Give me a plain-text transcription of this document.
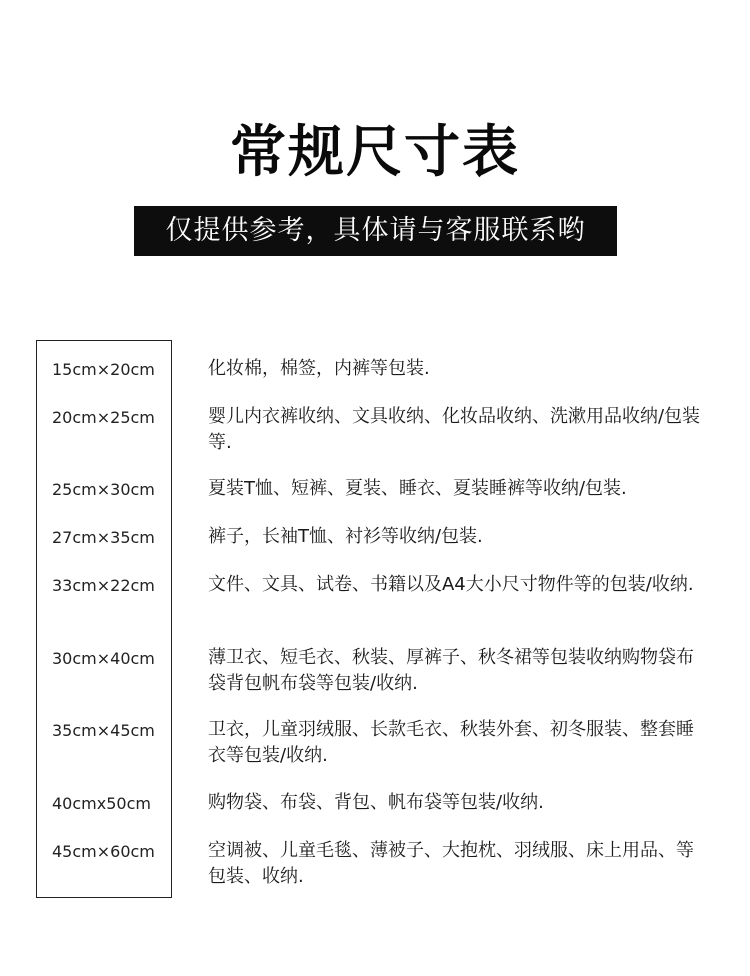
常规尺寸表
仅提供参考，具体请与客服联系哟
15cm×20cm	化妆棉，棉签，内裤等包装.
20cm×25cm	婴儿内衣裤收纳、文具收纳、化妆品收纳、洗漱用品收纳/包装等.
25cm×30cm	夏装T恤、短裤、夏装、睡衣、夏装睡裤等收纳/包装.
27cm×35cm	裤子，长袖T恤、衬衫等收纳/包装.
33cm×22cm	文件、文具、试卷、书籍以及A4大小尺寸物件等的包装/收纳.
30cm×40cm	薄卫衣、短毛衣、秋装、厚裤子、秋冬裙等包装收纳购物袋布袋背包帆布袋等包装/收纳.
35cm×45cm	卫衣，儿童羽绒服、长款毛衣、秋装外套、初冬服装、整套睡衣等包装/收纳.
40cmx50cm	购物袋、布袋、背包、帆布袋等包装/收纳.
45cm×60cm	空调被、儿童毛毯、薄被子、大抱枕、羽绒服、床上用品、等包装、收纳.
